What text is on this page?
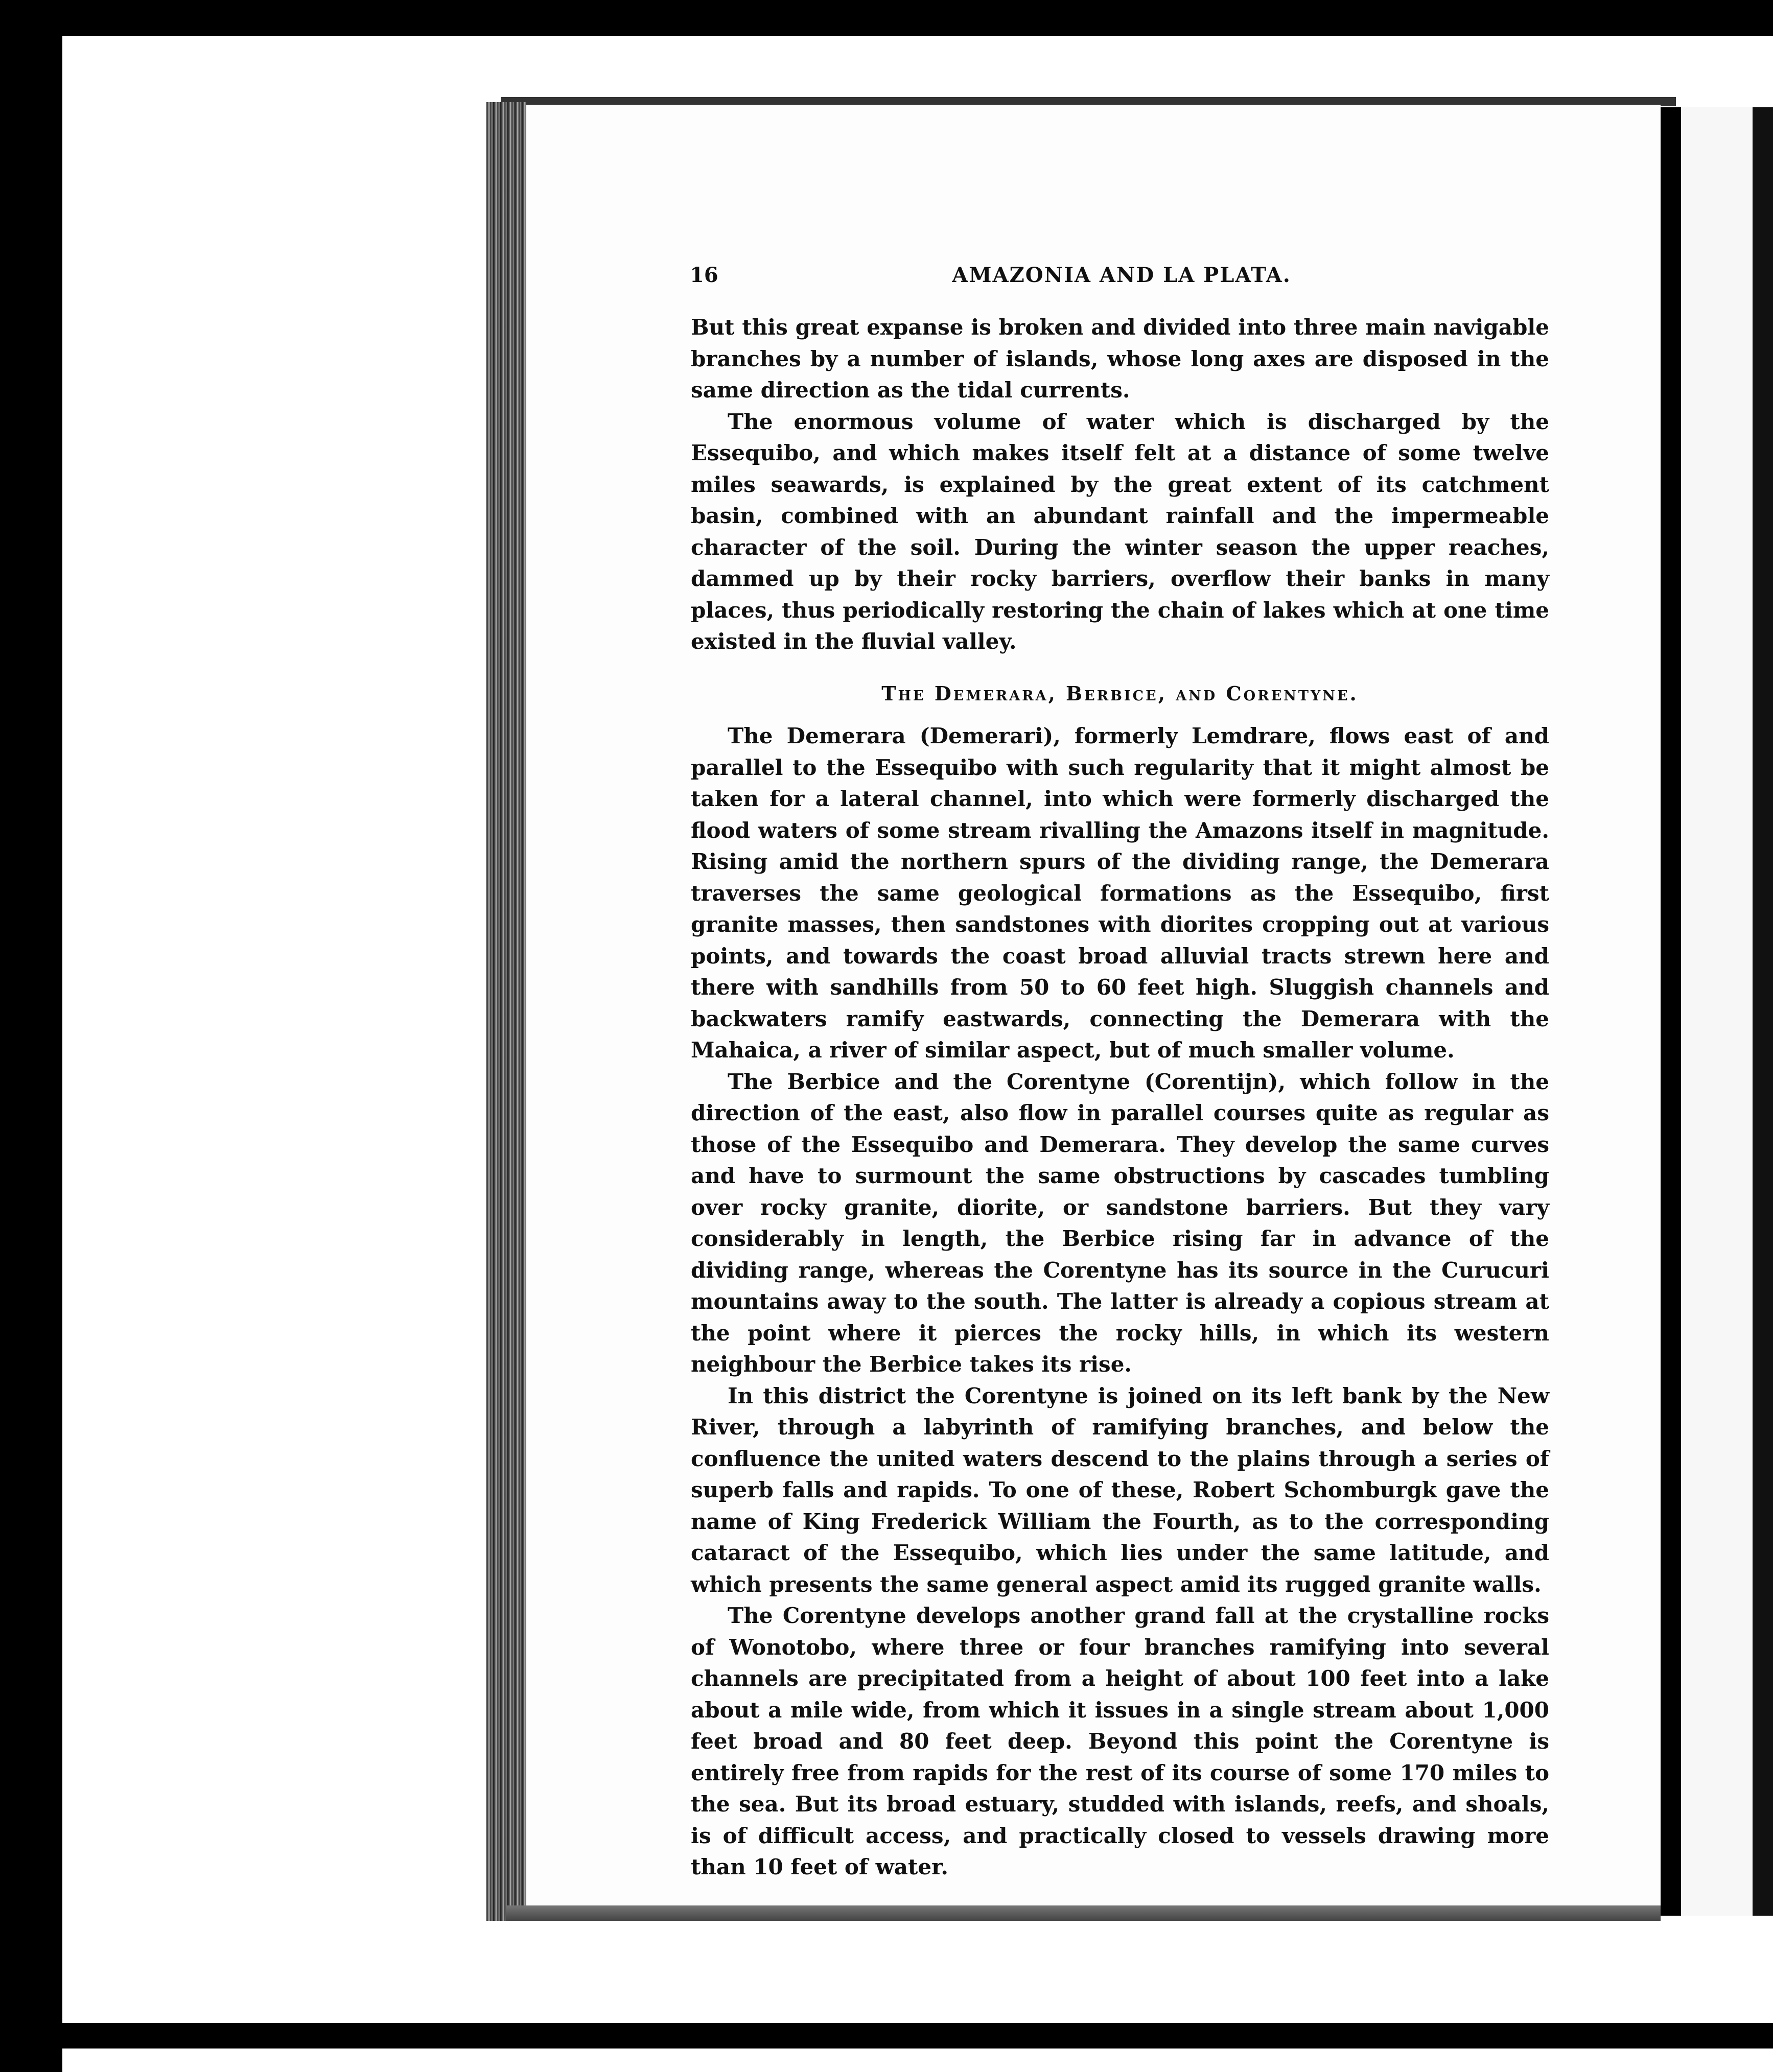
16	AMAZONIA AND LA PLATA.

But this great expanse is broken and divided into three main navigable branches by a number of islands, whose long axes are disposed in the same direction as the tidal currents.

The enormous volume of water which is discharged by the Essequibo, and which makes itself felt at a distance of some twelve miles seawards, is explained by the great extent of its catchment basin, combined with an abundant rainfall and the impermeable character of the soil. During the winter season the upper reaches, dammed up by their rocky barriers, overflow their banks in many places, thus periodically restoring the chain of lakes which at one time existed in the fluvial valley.

The Demerara, Berbice, and Corentyne.

The Demerara (Demerari), formerly Lemdrare, flows east of and parallel to the Essequibo with such regularity that it might almost be taken for a lateral channel, into which were formerly discharged the flood waters of some stream rivalling the Amazons itself in magnitude. Rising amid the northern spurs of the dividing range, the Demerara traverses the same geological formations as the Essequibo, first granite masses, then sandstones with diorites cropping out at various points, and towards the coast broad alluvial tracts strewn here and there with sandhills from 50 to 60 feet high. Sluggish channels and backwaters ramify eastwards, connecting the Demerara with the Mahaica, a river of similar aspect, but of much smaller volume.

The Berbice and the Corentyne (Corentijn), which follow in the direction of the east, also flow in parallel courses quite as regular as those of the Essequibo and Demerara. They develop the same curves and have to surmount the same obstructions by cascades tumbling over rocky granite, diorite, or sandstone barriers. But they vary considerably in length, the Berbice rising far in advance of the dividing range, whereas the Corentyne has its source in the Curucuri mountains away to the south. The latter is already a copious stream at the point where it pierces the rocky hills, in which its western neighbour the Berbice takes its rise.

In this district the Corentyne is joined on its left bank by the New River, through a labyrinth of ramifying branches, and below the confluence the united waters descend to the plains through a series of superb falls and rapids. To one of these, Robert Schomburgk gave the name of King Frederick William the Fourth, as to the corresponding cataract of the Essequibo, which lies under the same latitude, and which presents the same general aspect amid its rugged granite walls.

The Corentyne develops another grand fall at the crystalline rocks of Wonotobo, where three or four branches ramifying into several channels are precipitated from a height of about 100 feet into a lake about a mile wide, from which it issues in a single stream about 1,000 feet broad and 80 feet deep. Beyond this point the Corentyne is entirely free from rapids for the rest of its course of some 170 miles to the sea. But its broad estuary, studded with islands, reefs, and shoals, is of difficult access, and practically closed to vessels drawing more than 10 feet of water.
